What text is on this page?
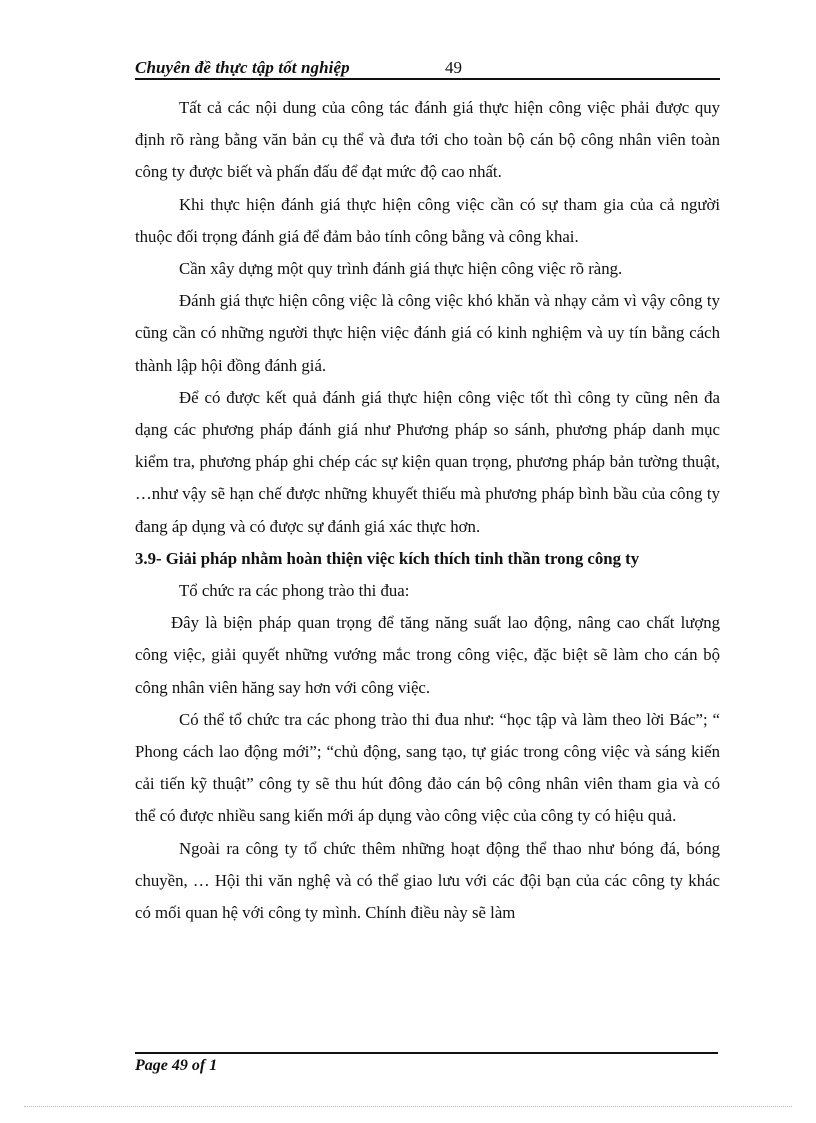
Chuyên đề thực tập tốt nghiệp	49

Tất cả các nội dung của công tác đánh giá thực hiện công việc phải được quy định rõ ràng bằng văn bản cụ thể và đưa tới cho toàn bộ cán bộ công nhân viên toàn công ty được biết và phấn đấu để đạt mức độ cao nhất.

Khi thực hiện đánh giá thực hiện công việc cần có sự tham gia của cả người thuộc đối trọng đánh giá để đảm bảo tính công bằng và công khai.

Cần xây dựng một quy trình đánh giá thực hiện công việc rõ ràng.

Đánh giá thực hiện công việc là công việc khó khăn và nhạy cảm vì vậy công ty cũng cần có những người thực hiện việc đánh giá có kinh nghiệm và uy tín bằng cách thành lập hội đồng đánh giá.

Để có được kết quả đánh giá thực hiện công việc tốt thì công ty cũng nên đa dạng các phương pháp đánh giá như Phương pháp so sánh, phương pháp danh mục kiểm tra, phương pháp ghi chép các sự kiện quan trọng, phương pháp bản tường thuật, …như vậy sẽ hạn chế được những khuyết thiếu mà phương pháp bình bầu của công ty đang áp dụng và có được sự đánh giá xác thực hơn.

3.9- Giải pháp nhằm hoàn thiện việc kích thích tinh thần trong công ty

Tổ chức ra các phong trào thi đua:

Đây là biện pháp quan trọng để tăng năng suất lao động, nâng cao chất lượng công việc, giải quyết những vướng mắc trong công việc, đặc biệt sẽ làm cho cán bộ công nhân viên hăng say hơn với công việc.

Có thể tổ chức tra các phong trào thi đua như: “học tập và làm theo lời Bác”; “ Phong cách lao động mới”; “chủ động, sang tạo, tự giác trong công việc và sáng kiến cải tiến kỹ thuật” công ty sẽ thu hút đông đảo cán bộ công nhân viên tham gia và có thể có được nhiều sang kiến mới áp dụng vào công việc của công ty có hiệu quả.

Ngoài ra công ty tổ chức thêm những hoạt động thể thao như bóng đá, bóng chuyền, … Hội thi văn nghệ và có thể giao lưu với các đội bạn của các công ty khác có mối quan hệ với công ty mình. Chính điều này sẽ làm

Page 49 of 1
